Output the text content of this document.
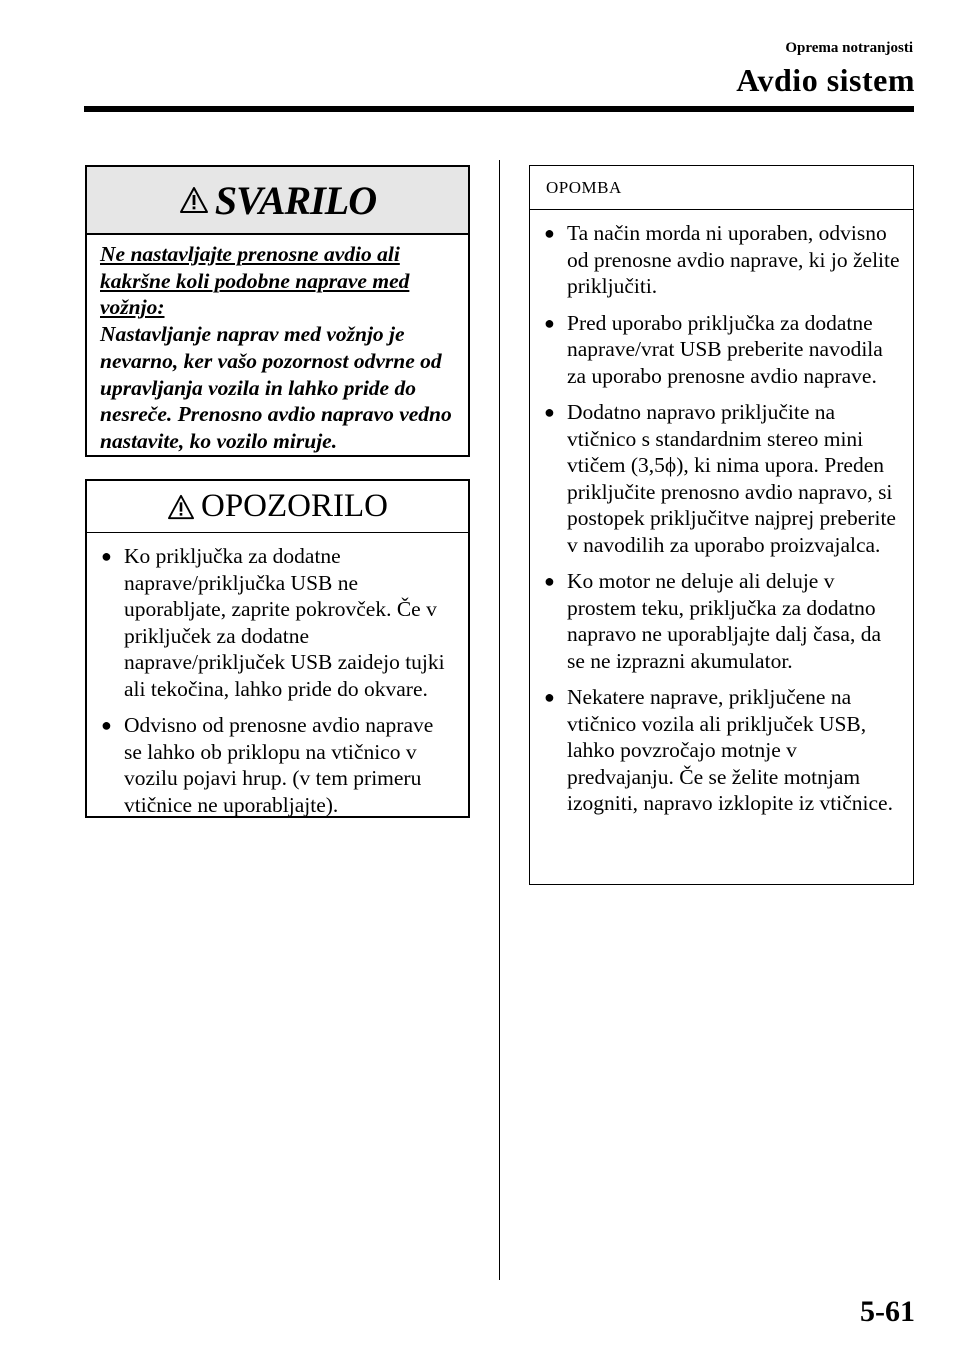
Oprema notranjosti
Avdio sistem
SVARILO
Ne nastavljajte prenosne avdio ali kakršne koli podobne naprave med vožnjo:
Nastavljanje naprav med vožnjo je nevarno, ker vašo pozornost odvrne od upravljanja vozila in lahko pride do nesreče. Prenosno avdio napravo vedno nastavite, ko vozilo miruje.
OPOZORILO
● Ko priključka za dodatne naprave/priključka USB ne uporabljate, zaprite pokrovček. Če v priključek za dodatne naprave/priključek USB zaidejo tujki ali tekočina, lahko pride do okvare.
● Odvisno od prenosne avdio naprave se lahko ob priklopu na vtičnico v vozilu pojavi hrup. (v tem primeru vtičnice ne uporabljajte).
OPOMBA
● Ta način morda ni uporaben, odvisno od prenosne avdio naprave, ki jo želite priključiti.
● Pred uporabo priključka za dodatne naprave/vrat USB preberite navodila za uporabo prenosne avdio naprave.
● Dodatno napravo priključite na vtičnico s standardnim stereo mini vtičem (3,5ϕ), ki nima upora. Preden priključite prenosno avdio napravo, si postopek priključitve najprej preberite v navodilih za uporabo proizvajalca.
● Ko motor ne deluje ali deluje v prostem teku, priključka za dodatno napravo ne uporabljajte dalj časa, da se ne izprazni akumulator.
● Nekatere naprave, priključene na vtičnico vozila ali priključek USB, lahko povzročajo motnje v predvajanju. Če se želite motnjam izogniti, napravo izklopite iz vtičnice.
5-61
